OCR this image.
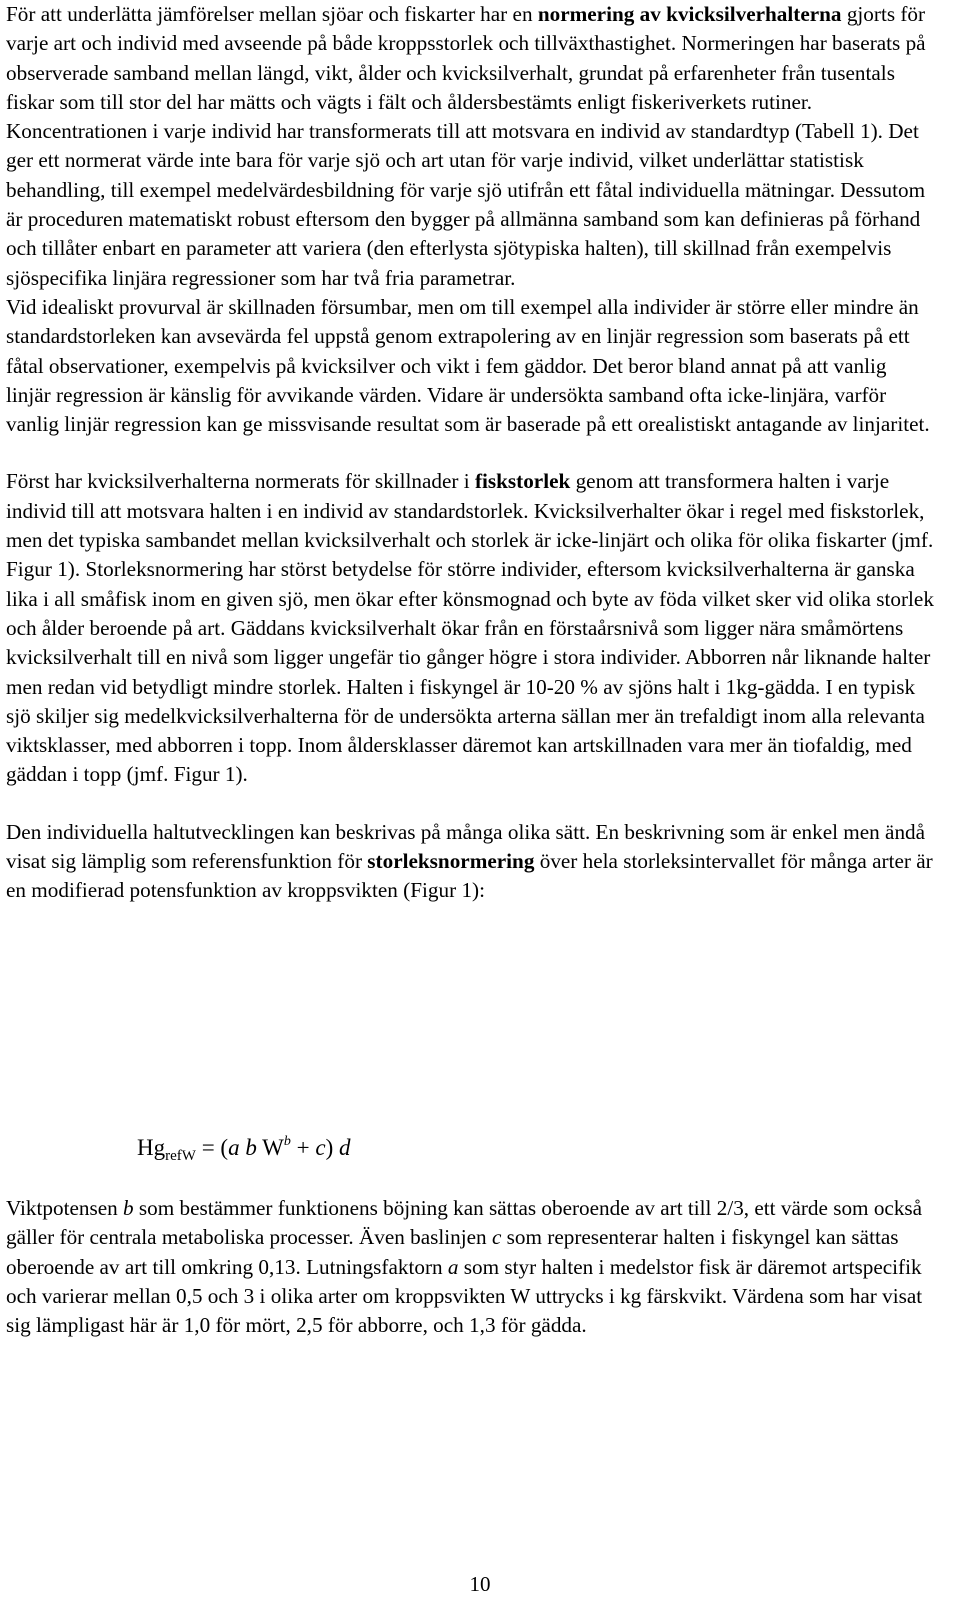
För att underlätta jämförelser mellan sjöar och fiskarter har en normering av kvicksilverhalterna gjorts för varje art och individ med avseende på både kroppsstorlek och tillväxthastighet. Normeringen har baserats på observerade samband mellan längd, vikt, ålder och kvicksilverhalt, grundat på erfarenheter från tusentals fiskar som till stor del har mätts och vägts i fält och åldersbestämts enligt fiskeriverkets rutiner. Koncentrationen i varje individ har transformerats till att motsvara en individ av standardtyp (Tabell 1). Det ger ett normerat värde inte bara för varje sjö och art utan för varje individ, vilket underlättar statistisk behandling, till exempel medelvärdesbildning för varje sjö utifrån ett fåtal individuella mätningar. Dessutom är proceduren matematiskt robust eftersom den bygger på allmänna samband som kan definieras på förhand och tillåter enbart en parameter att variera (den efterlysta sjötypiska halten), till skillnad från exempelvis sjöspecifika linjära regressioner som har två fria parametrar.

Vid idealiskt provurval är skillnaden försumbar, men om till exempel alla individer är större eller mindre än standardstorleken kan avsevärda fel uppstå genom extrapolering av en linjär regression som baserats på ett fåtal observationer, exempelvis på kvicksilver och vikt i fem gäddor. Det beror bland annat på att vanlig linjär regression är känslig för avvikande värden. Vidare är undersökta samband ofta icke-linjära, varför vanlig linjär regression kan ge missvisande resultat som är baserade på ett orealistiskt antagande av linjaritet.

Först har kvicksilverhalterna normerats för skillnader i fiskstorlek genom att transformera halten i varje individ till att motsvara halten i en individ av standardstorlek. Kvicksilverhalter ökar i regel med fiskstorlek, men det typiska sambandet mellan kvicksilverhalt och storlek är icke-linjärt och olika för olika fiskarter (jmf. Figur 1). Storleksnormering har störst betydelse för större individer, eftersom kvicksilverhalterna är ganska lika i all småfisk inom en given sjö, men ökar efter könsmognad och byte av föda vilket sker vid olika storlek och ålder beroende på art. Gäddans kvicksilverhalt ökar från en förstaårsnivå som ligger nära småmörtens kvicksilverhalt till en nivå som ligger ungefär tio gånger högre i stora individer. Abborren når liknande halter men redan vid betydligt mindre storlek. Halten i fiskyngel är 10-20 % av sjöns halt i 1kg-gädda. I en typisk sjö skiljer sig medelkvicksilverhalterna för de undersökta arterna sällan mer än trefaldigt inom alla relevanta viktsklasser, med abborren i topp. Inom åldersklasser däremot kan artskillnaden vara mer än tiofaldig, med gäddan i topp (jmf. Figur 1).

Den individuella haltutvecklingen kan beskrivas på många olika sätt. En beskrivning som är enkel men ändå visat sig lämplig som referensfunktion för storleksnormering över hela storleksintervallet för många arter är en modifierad potensfunktion av kroppsvikten (Figur 1):

$Hg_{refW} = (a$ b $W^b + c$) d

Viktpotensen b som bestämmer funktionens böjning kan sättas oberoende av art till 2/3, ett värde som också gäller för centrala metaboliska processer. Även baslinjen c som representerar halten i fiskyngel kan sättas oberoende av art till omkring 0,13. Lutningsfaktorn a som styr halten i medelstor fisk är däremot artspecifik och varierar mellan 0,5 och 3 i olika arter om kroppsvikten W uttrycks i kg färskvikt. Värdena som har visat sig lämpligast här är 1,0 för mört, 2,5 för abborre, och 1,3 för gädda.

10
